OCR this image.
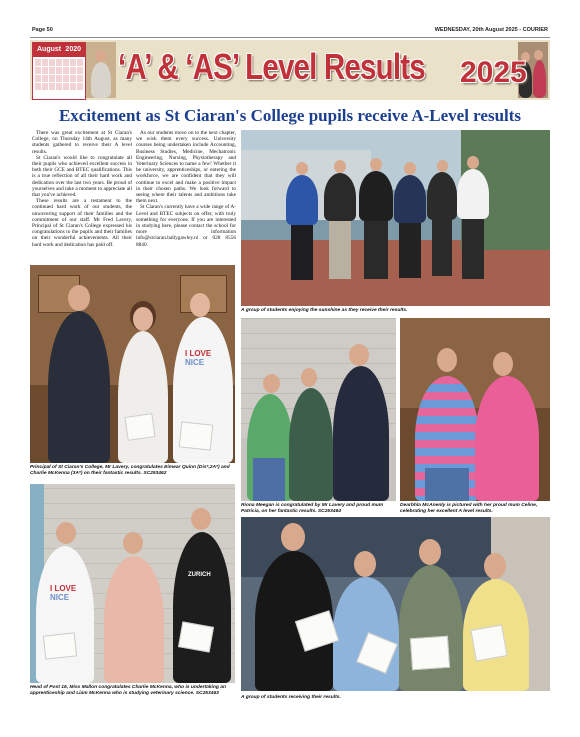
Page 50	WEDNESDAY, 20th August 2025 - COURIER
August 2020 ‘A’ & ‘AS’ Level Results 2025
Excitement as St Ciaran's College pupils receive A-Level results

There was great excitement at St Ciaran's College, on Thursday 14th August, as many students gathered to receive their A level results.

St Ciaran's would like to congratulate all their pupils who achieved excellent success in both their GCE and BTEC qualifications. This is a true reflection of all their hard work and dedication over the last two years. Be proud of yourselves and take a moment to appreciate all that you've achieved.

These results are a testament to the continued hard work of our students, the unwavering support of their families and the commitment of our staff. Mr Fred Lavery, Principal of St Ciaran's College expressed his congratulations to the pupils and their families on their wonderful achievements. All their hard work and dedication has paid off.

As our students move on to the next chapter, we wish them every success. University courses being undertaken include Accounting, Business Studies, Medicine, Mechatronic Engineering, Nursing, Physiotherapy and Veterinary Sciences to name a few! Whether it be university, apprenticeships, or entering the workforce, we are confident that they will continue to excel and make a positive impact in their chosen paths. We look forward to seeing where their talents and ambitions take them next.

St Ciaran's currently have a wide range of A-Level and BTEC subjects on offer, with truly something for everyone. If you are interested in studying here, please contact the school for more information info@stciaran.ballygawley.ni or 028 8556 8840.

A group of students enjoying the sunshine as they receive their results.
I LOVE
NICE
Principal of St Ciaran's College, Mr Lavery, congratulates Eimear Quinn (Dis*,2A*) and Charlie McKenna (3A*) on their fantastic results. SC253462
Riona Meegan is congratulated by Mr Lavery and proud mum Patricia, on her fantastic results. SC253464
Dearbhla McAnenly is pictured with her proud mum Celine, celebrating her excellent A level results.
I LOVE
NICE
ZURICH
Head of Post 16, Miss Mallon congratulates Charlie McKenna, who is undertaking an apprenticeship and Liam McKenna who is studying veterinary science. SC253463
A group of students receiving their results.
